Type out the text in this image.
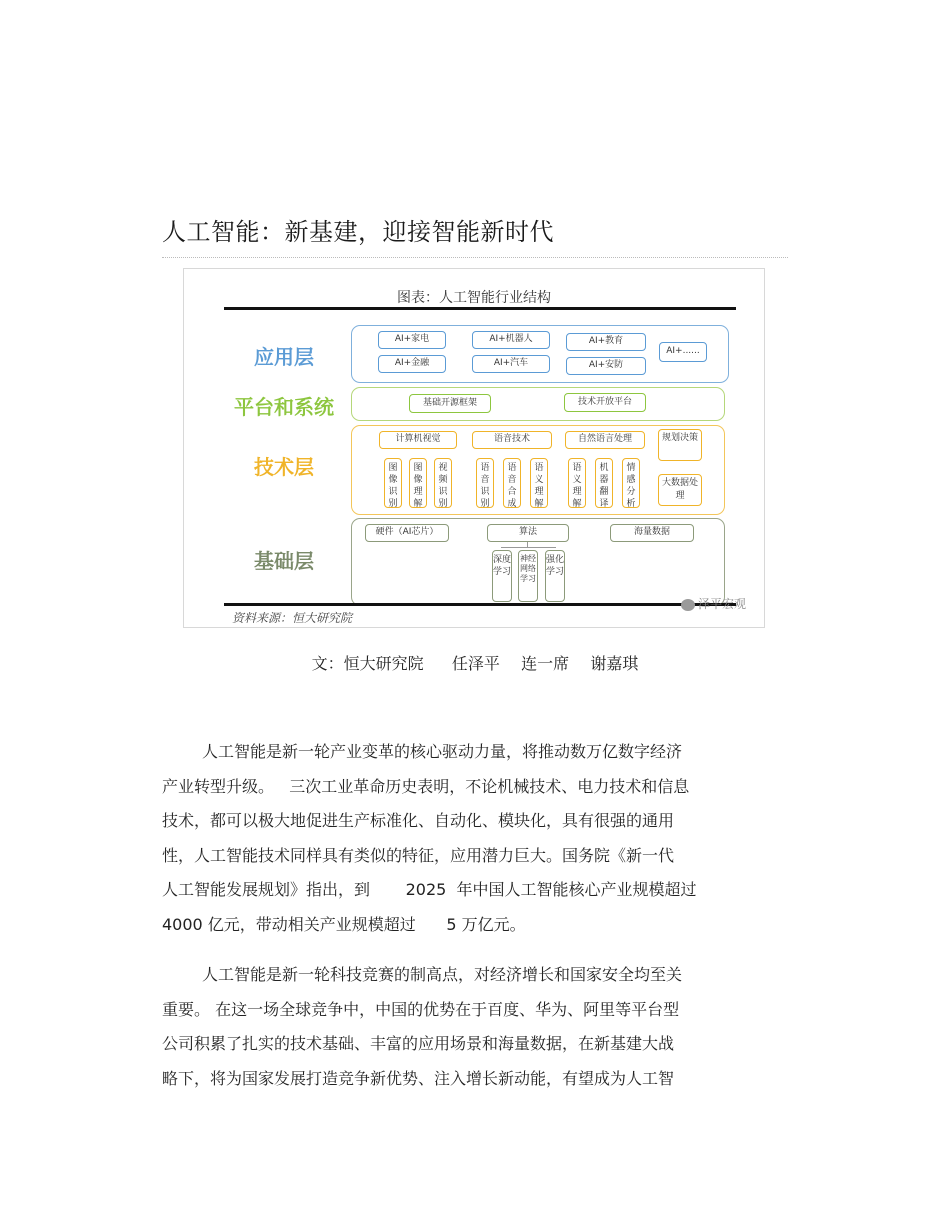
人工智能：新基建，迎接智能新时代
图表：人工智能行业结构
应用层
AI+家电	AI+机器人	AI+教育
AI+金融	AI+汽车	AI+安防
AI+......
平台和系统	基础开源框架	技术开放平台
技术层
计算机视觉
图像识别
图像理解
视频识别
语音技术
语音识别
语音合成
语义理解
自然语言处理
语义理解
机器翻译
情感分析
规划决策
大数据处理
基础层
硬件（AI芯片）	算法	海量数据
深度学习
神经网络学习
强化学习
资料来源：恒大研究院
泽平宏观
文：恒大研究院    任泽平   连一席   谢嘉琪

人工智能是新一轮产业变革的核心驱动力量，将推动数万亿数字经济

产业转型升级。   三次工业革命历史表明，不论机械技术、电力技术和信息

技术，都可以极大地促进生产标准化、自动化、模块化，具有很强的通用

性，人工智能技术同样具有类似的特征，应用潜力巨大。国务院《新一代

人工智能发展规划》指出，到       2025  年中国人工智能核心产业规模超过

4000 亿元，带动相关产业规模超过      5 万亿元。

人工智能是新一轮科技竞赛的制高点，对经济增长和国家安全均至关

重要。 在这一场全球竞争中，中国的优势在于百度、华为、阿里等平台型

公司积累了扎实的技术基础、丰富的应用场景和海量数据，在新基建大战

略下，将为国家发展打造竞争新优势、注入增长新动能，有望成为人工智
